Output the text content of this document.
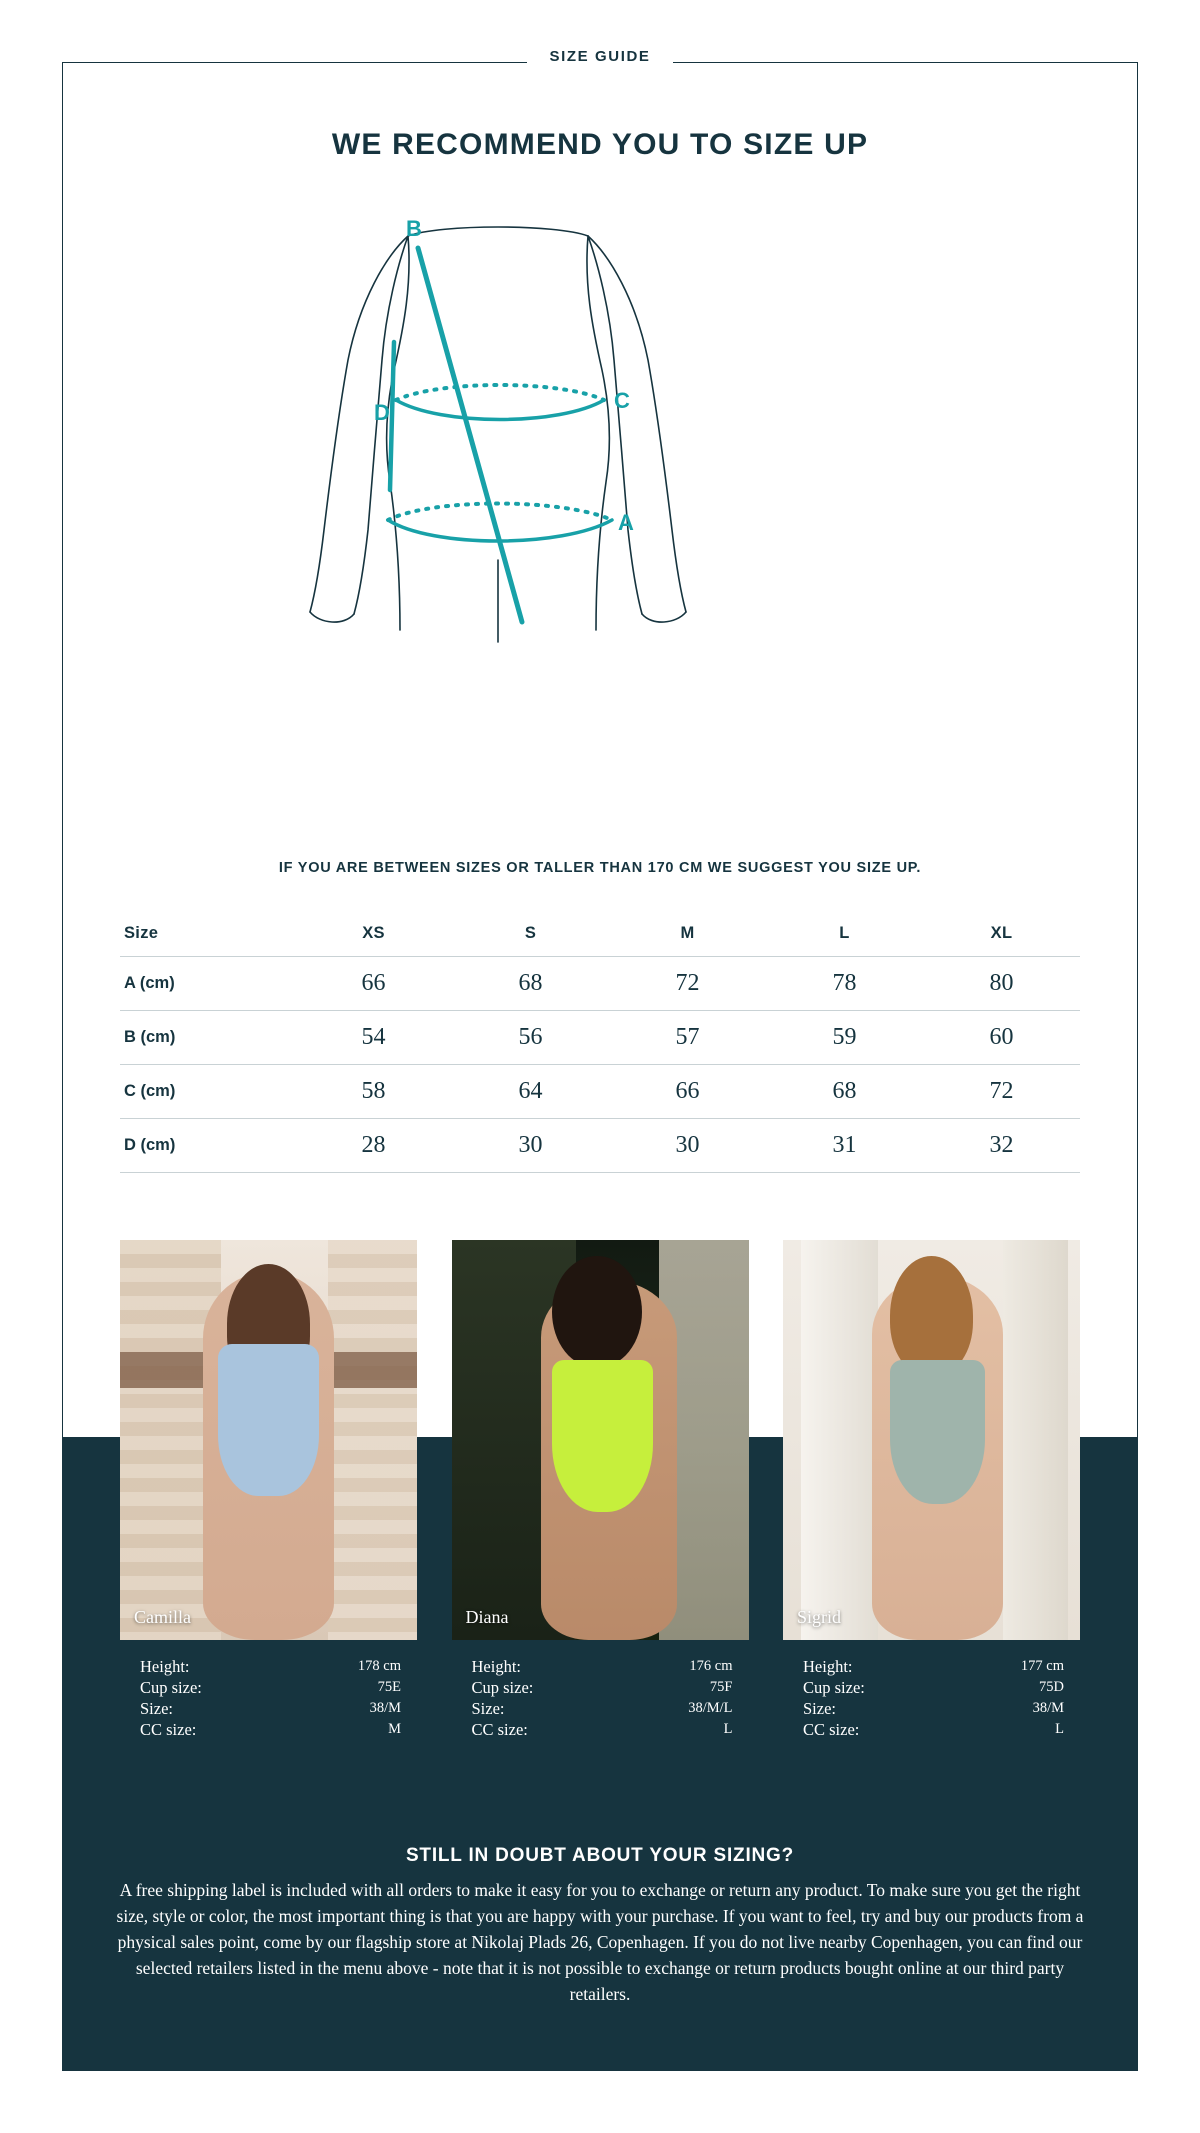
SIZE GUIDE
WE RECOMMEND YOU TO SIZE UP
B
D	C
A
IF YOU ARE BETWEEN SIZES OR TALLER THAN 170 CM WE SUGGEST YOU SIZE UP.
Size	XS	S	M	L	XL
A (cm)	66	68	72	78	80
B (cm)	54	56	57	59	60
C (cm)	58	64	66	68	72
D (cm)	28	30	30	31	32
Camilla
Height:	178 cm
Cup size:	75E
Size:	38/M
CC size:	M
Diana
Height:	176 cm
Cup size:	75F
Size:	38/M/L
CC size:	L
Sigrid
Height:	177 cm
Cup size:	75D
Size:	38/M
CC size:	L
STILL IN DOUBT ABOUT YOUR SIZING?

A free shipping label is included with all orders to make it easy for you to exchange or return any product. To make sure you get the right size, style or color, the most important thing is that you are happy with your purchase. If you want to feel, try and buy our products from a physical sales point, come by our flagship store at Nikolaj Plads 26, Copenhagen. If you do not live nearby Copenhagen, you can find our selected retailers listed in the menu above - note that it is not possible to exchange or return products bought online at our third party retailers.
